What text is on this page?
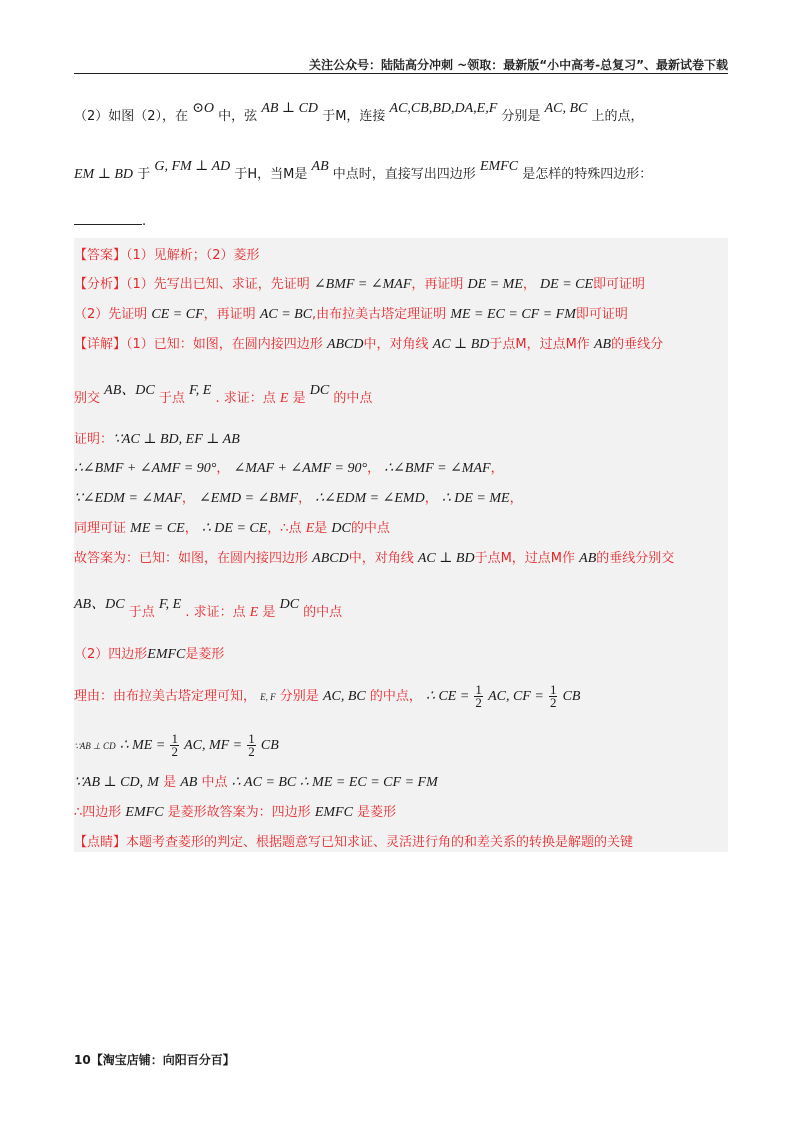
关注公众号：陆陆高分冲刺 ~领取：最新版“小中高考-总复习”、最新试卷下载
（2）如图（2），在 ⊙O 中，弦 AB ⊥ CD 于M，连接 AC,CB,BD,DA,E,F 分别是 AC, BC 上的点，
EM ⊥ BD 于 G, FM ⊥ AD 于H，当M是 AB 中点时，直接写出四边形 EMFC 是怎样的特殊四边形：
.
【答案】（1）见解析；（2）菱形
【分析】（1）先写出已知、求证，先证明 ∠BMF = ∠MAF，再证明 DE = ME， DE = CE即可证明
（2）先证明 CE = CF，再证明 AC = BC,由布拉美古塔定理证明 ME = EC = CF = FM即可证明
【详解】（1）已知：如图，在圆内接四边形 ABCD中，对角线 AC ⊥ BD于点M，过点M作 AB的垂线分
别交 AB、DC 于点 F, E . 求证：点 E 是 DC 的中点
证明：∵AC ⊥ BD, EF ⊥ AB
∴∠BMF + ∠AMF = 90°， ∠MAF + ∠AMF = 90°， ∴∠BMF = ∠MAF，
∵∠EDM = ∠MAF， ∠EMD = ∠BMF， ∴∠EDM = ∠EMD， ∴ DE = ME，
同理可证 ME = CE， ∴ DE = CE，∴点 E是 DC的中点
故答案为：已知：如图，在圆内接四边形 ABCD中，对角线 AC ⊥ BD于点M，过点M作 AB的垂线分别交
AB、DC 于点 F, E . 求证：点 E 是 DC 的中点
（2）四边形EMFC是菱形
理由：由布拉美古塔定理可知， E, F 分别是 AC, BC 的中点， ∴ CE = $\frac{1}{2}$ AC, CF = $\frac{1}{2}$ CB
∵AB ⊥ CD ∴ ME = $\frac{1}{2}$ AC, MF = $\frac{1}{2}$ CB
∵AB ⊥ CD, M 是 AB 中点 ∴ AC = BC ∴ ME = EC = CF = FM
∴四边形 EMFC 是菱形故答案为：四边形 EMFC 是菱形
【点睛】本题考查菱形的判定、根据题意写已知求证、灵活进行角的和差关系的转换是解题的关键
10【淘宝店铺：向阳百分百】
